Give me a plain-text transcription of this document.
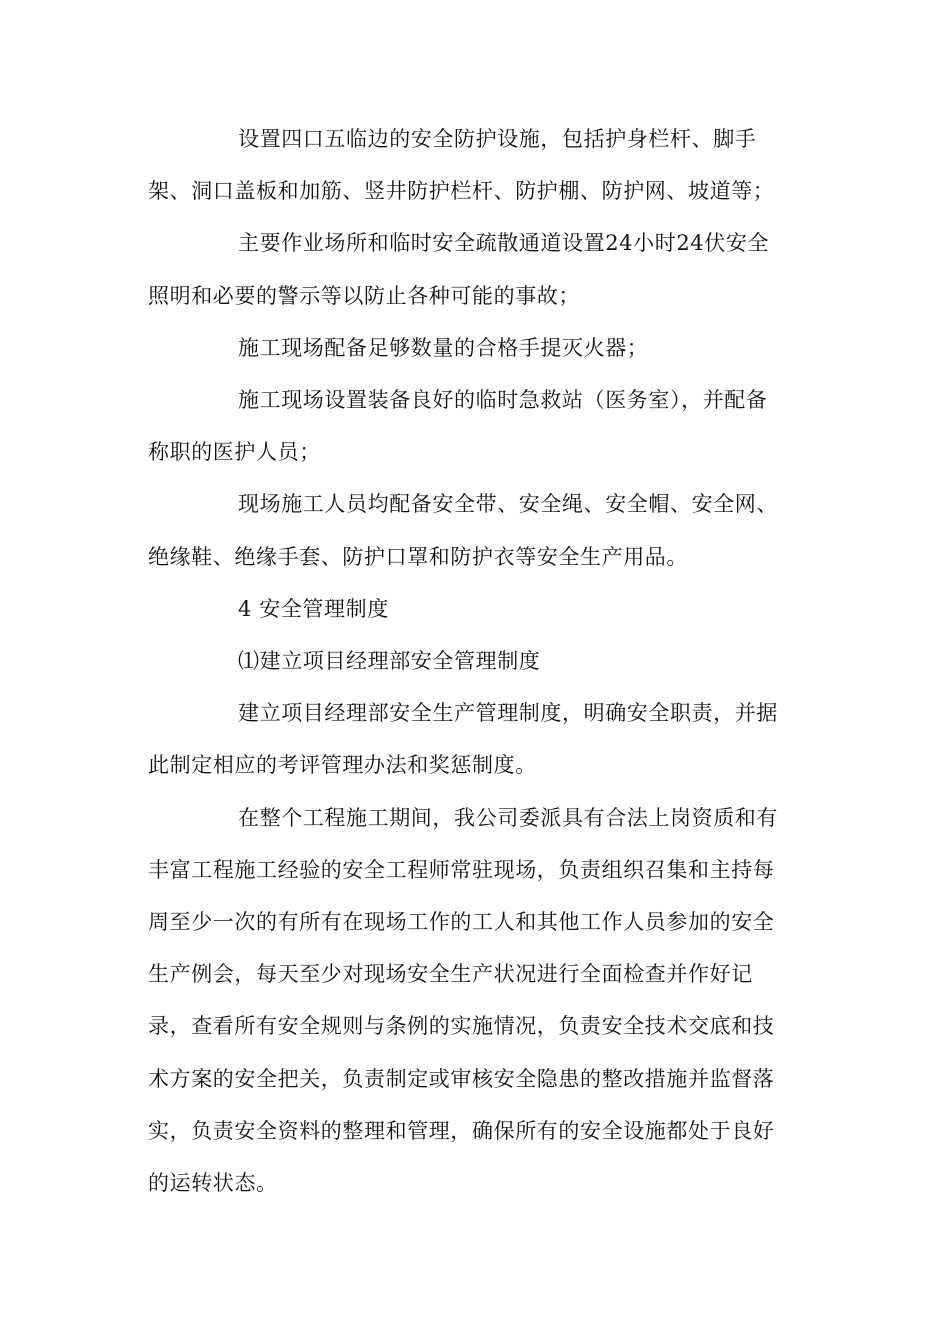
设置四口五临边的安全防护设施，包括护身栏杆、脚手
架、洞口盖板和加筋、竖井防护栏杆、防护棚、防护网、坡道等；

主要作业场所和临时安全疏散通道设置24小时24伏安全
照明和必要的警示等以防止各种可能的事故；

施工现场配备足够数量的合格手提灭火器；

施工现场设置装备良好的临时急救站（医务室），并配备
称职的医护人员；

现场施工人员均配备安全带、安全绳、安全帽、安全网、
绝缘鞋、绝缘手套、防护口罩和防护衣等安全生产用品。

4 安全管理制度

⑴建立项目经理部安全管理制度

建立项目经理部安全生产管理制度，明确安全职责，并据
此制定相应的考评管理办法和奖惩制度。

在整个工程施工期间，我公司委派具有合法上岗资质和有
丰富工程施工经验的安全工程师常驻现场，负责组织召集和主持每
周至少一次的有所有在现场工作的工人和其他工作人员参加的安全
生产例会，每天至少对现场安全生产状况进行全面检查并作好记
录，查看所有安全规则与条例的实施情况，负责安全技术交底和技
术方案的安全把关，负责制定或审核安全隐患的整改措施并监督落
实，负责安全资料的整理和管理，确保所有的安全设施都处于良好
的运转状态。
